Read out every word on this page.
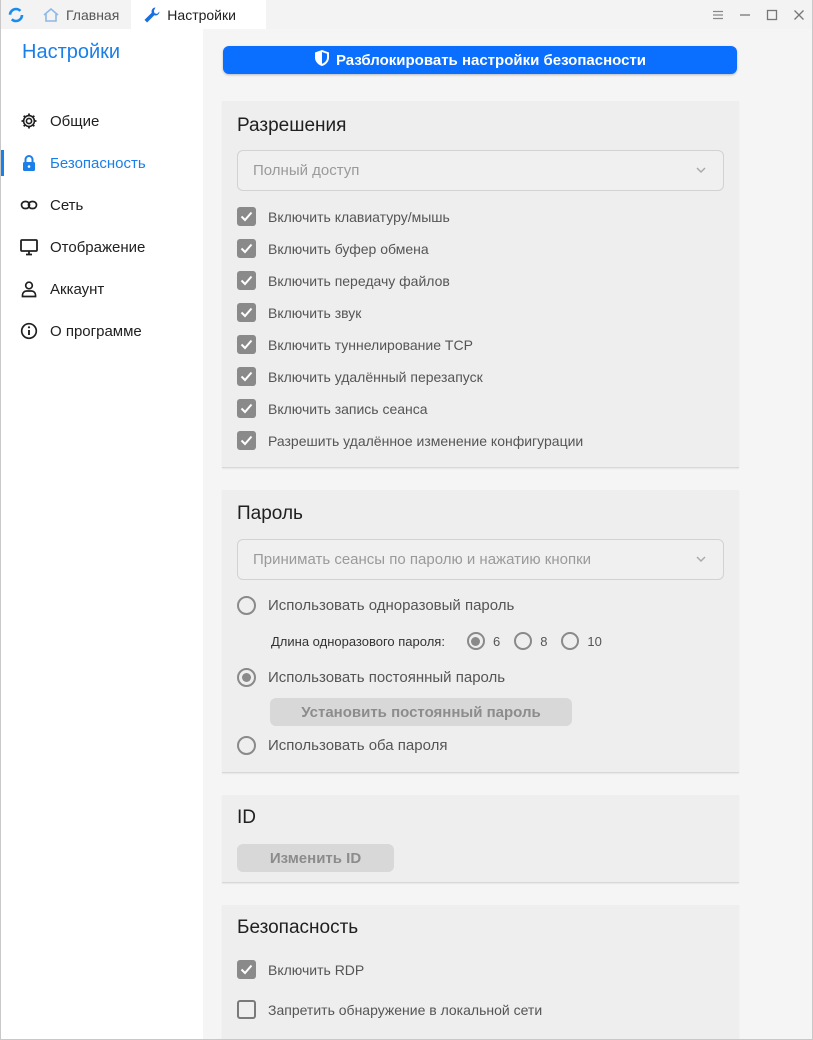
Главная	Настройки
Настройки
Общие
Безопасность
Сеть
Отображение
Аккаунт
О программе
Разблокировать настройки безопасности
Разрешения
Полный доступ
Включить клавиатуру/мышь
Включить буфер обмена
Включить передачу файлов
Включить звук
Включить туннелирование TCP
Включить удалённый перезапуск
Включить запись сеанса
Разрешить удалённое изменение конфигурации
Пароль
Принимать сеансы по паролю и нажатию кнопки
Использовать одноразовый пароль
Длина одноразового пароля:	6	8	10
Использовать постоянный пароль
Установить постоянный пароль
Использовать оба пароля
ID
Изменить ID
Безопасность
Включить RDP
Запретить обнаружение в локальной сети
